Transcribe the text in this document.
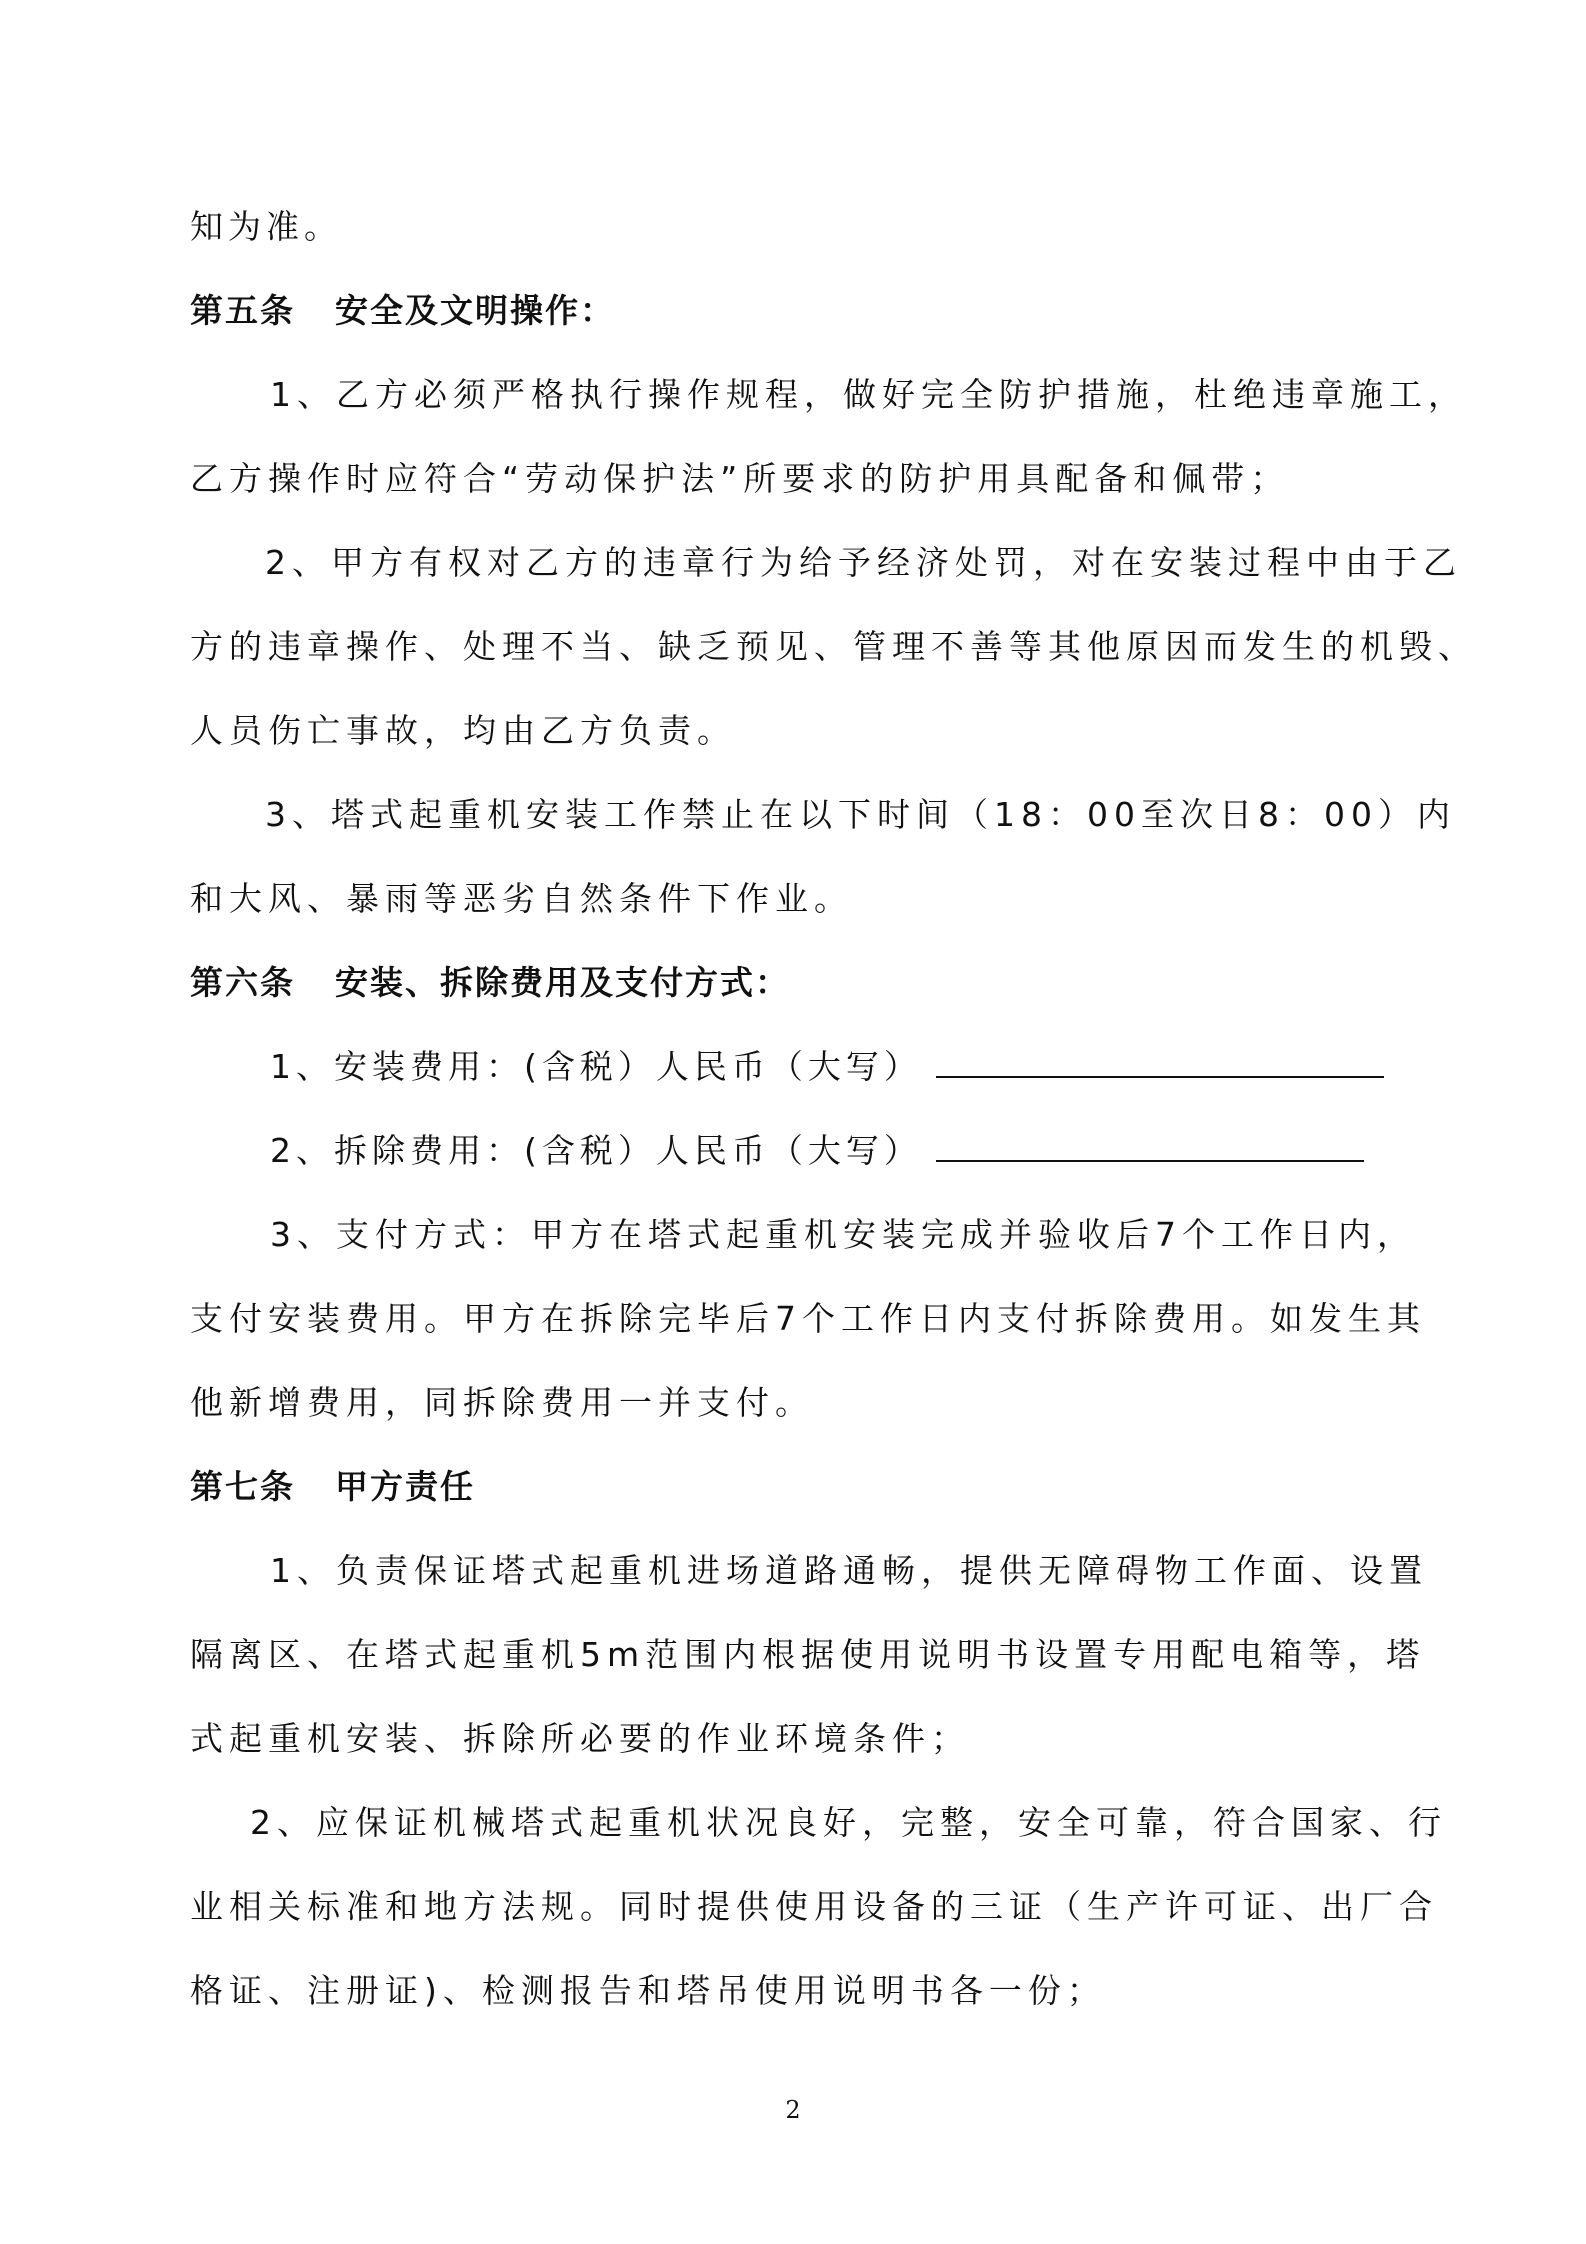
知为准。
第五条 安全及文明操作：
1、乙方必须严格执行操作规程，做好完全防护措施，杜绝违章施工，
乙方操作时应符合“劳动保护法”所要求的防护用具配备和佩带；
2、甲方有权对乙方的违章行为给予经济处罚，对在安装过程中由于乙
方的违章操作、处理不当、缺乏预见、管理不善等其他原因而发生的机毁、
人员伤亡事故，均由乙方负责。
3、塔式起重机安装工作禁止在以下时间（18：00至次日8：00）内
和大风、暴雨等恶劣自然条件下作业。
第六条 安装、拆除费用及支付方式：
1、安装费用：(含税）人民币（大写）
2、拆除费用：(含税）人民币（大写）
3、支付方式：甲方在塔式起重机安装完成并验收后7个工作日内，
支付安装费用。甲方在拆除完毕后7个工作日内支付拆除费用。如发生其
他新增费用，同拆除费用一并支付。
第七条 甲方责任
1、负责保证塔式起重机进场道路通畅，提供无障碍物工作面、设置
隔离区、在塔式起重机5m范围内根据使用说明书设置专用配电箱等，塔
式起重机安装、拆除所必要的作业环境条件；
2、应保证机械塔式起重机状况良好，完整，安全可靠，符合国家、行
业相关标准和地方法规。同时提供使用设备的三证（生产许可证、出厂合
格证、注册证)、检测报告和塔吊使用说明书各一份；
2
